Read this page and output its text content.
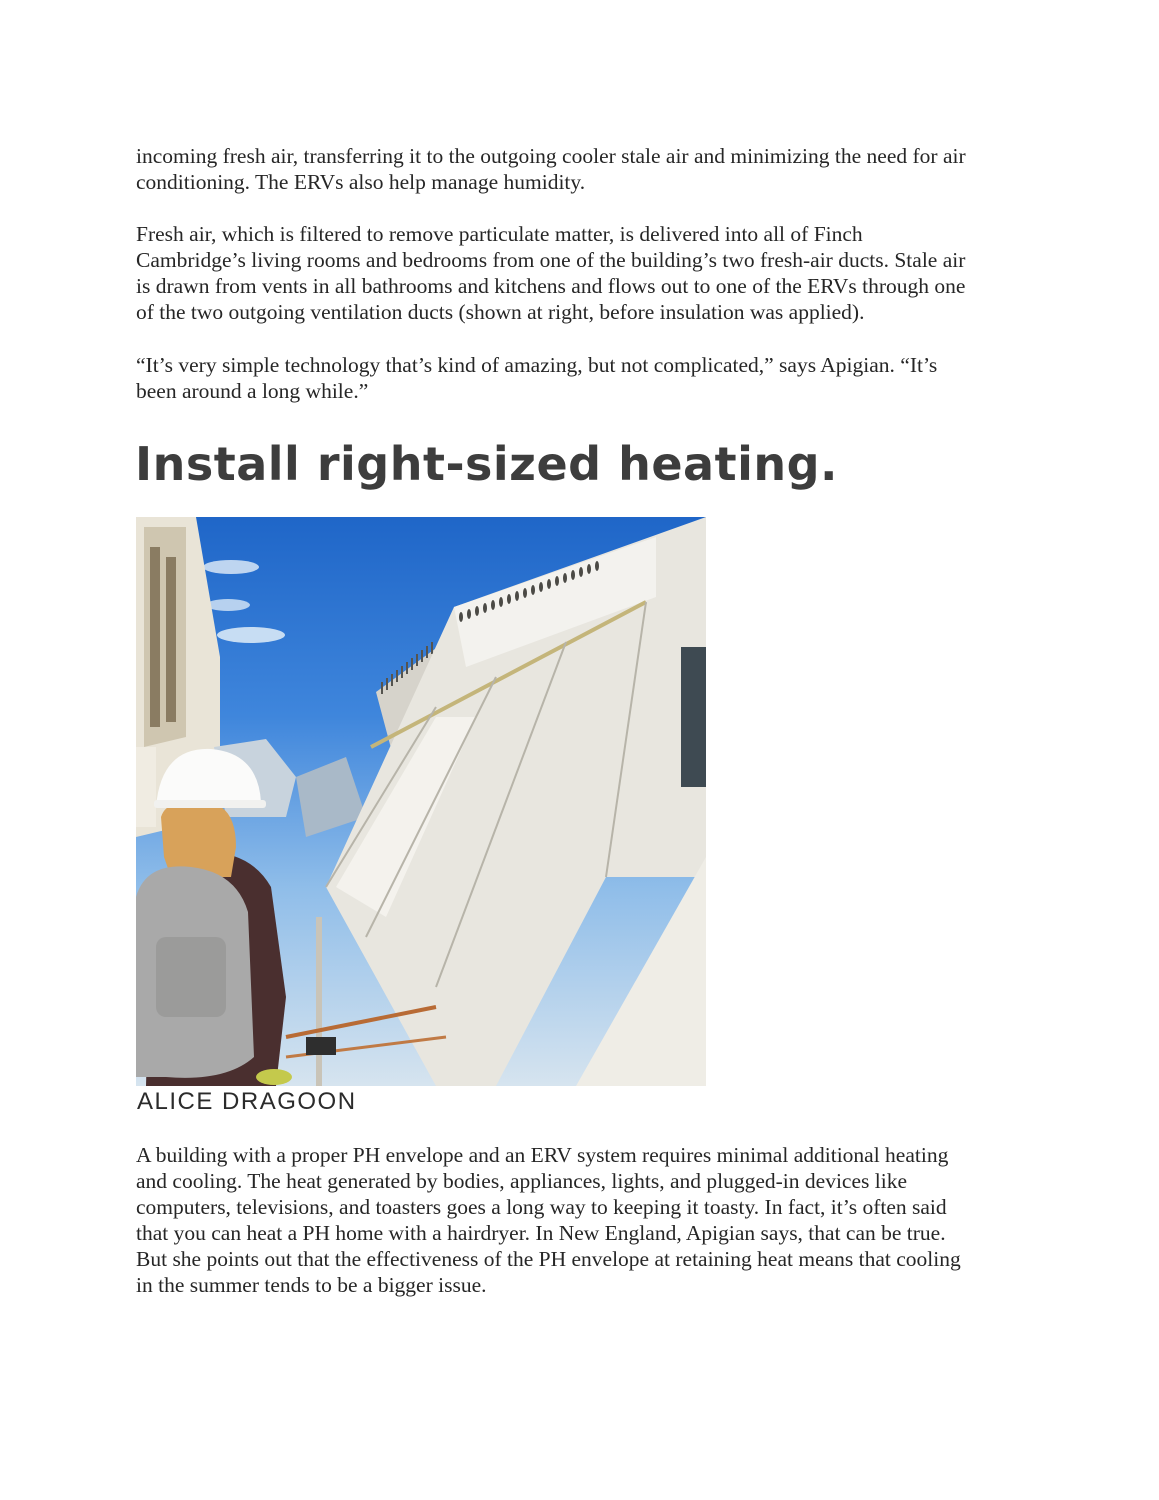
incoming fresh air, transferring it to the outgoing cooler stale air and minimizing the need for air
conditioning. The ERVs also help manage humidity.

Fresh air, which is filtered to remove particulate matter, is delivered into all of Finch
Cambridge’s living rooms and bedrooms from one of the building’s two fresh-air ducts. Stale air
is drawn from vents in all bathrooms and kitchens and flows out to one of the ERVs through one
of the two outgoing ventilation ducts (shown at right, before insulation was applied).

“It’s very simple technology that’s kind of amazing, but not complicated,” says Apigian. “It’s
been around a long while.”

Install right-sized heating.

ALICE DRAGOON

A building with a proper PH envelope and an ERV system requires minimal additional heating
and cooling. The heat generated by bodies, appliances, lights, and plugged-in devices like
computers, televisions, and toasters goes a long way to keeping it toasty. In fact, it’s often said
that you can heat a PH home with a hairdryer. In New England, Apigian says, that can be true.
But she points out that the effectiveness of the PH envelope at retaining heat means that cooling
in the summer tends to be a bigger issue.
